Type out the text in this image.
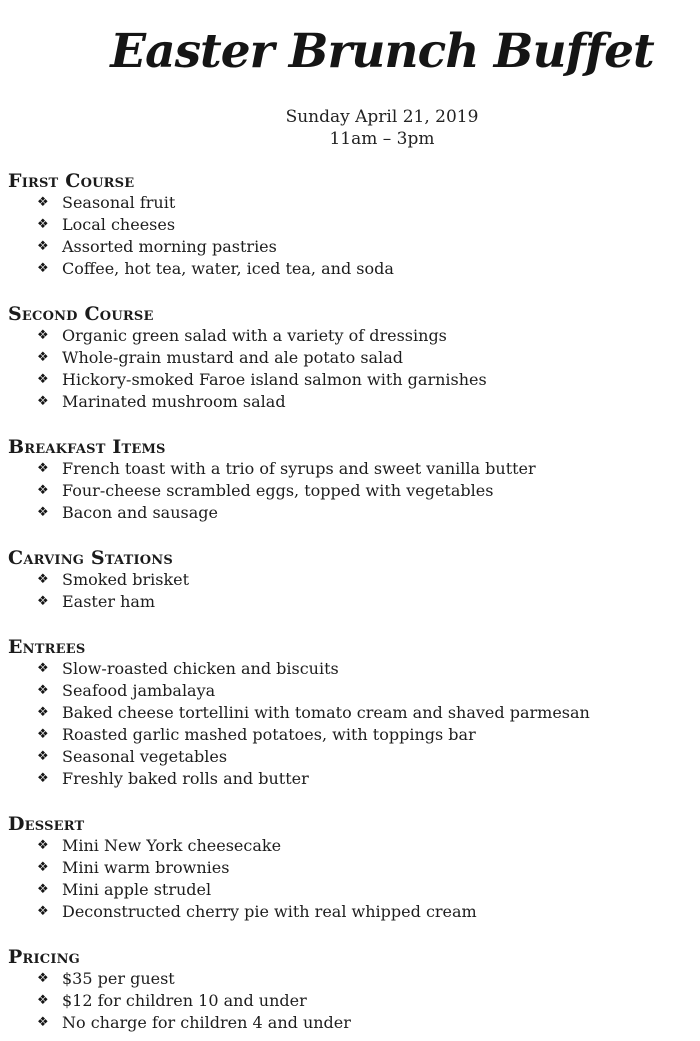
Easter Brunch Buffet
Sunday April 21, 2019
11am – 3pm
First Course
❖ Seasonal fruit
❖ Local cheeses
❖ Assorted morning pastries
❖ Coffee, hot tea, water, iced tea, and soda
Second Course
❖ Organic green salad with a variety of dressings
❖ Whole-grain mustard and ale potato salad
❖ Hickory-smoked Faroe island salmon with garnishes
❖ Marinated mushroom salad
Breakfast Items
❖ French toast with a trio of syrups and sweet vanilla butter
❖ Four-cheese scrambled eggs, topped with vegetables
❖ Bacon and sausage
Carving Stations
❖ Smoked brisket
❖ Easter ham
Entrees
❖ Slow-roasted chicken and biscuits
❖ Seafood jambalaya
❖ Baked cheese tortellini with tomato cream and shaved parmesan
❖ Roasted garlic mashed potatoes, with toppings bar
❖ Seasonal vegetables
❖ Freshly baked rolls and butter
Dessert
❖ Mini New York cheesecake
❖ Mini warm brownies
❖ Mini apple strudel
❖ Deconstructed cherry pie with real whipped cream
Pricing
❖ $35 per guest
❖ $12 for children 10 and under
❖ No charge for children 4 and under
